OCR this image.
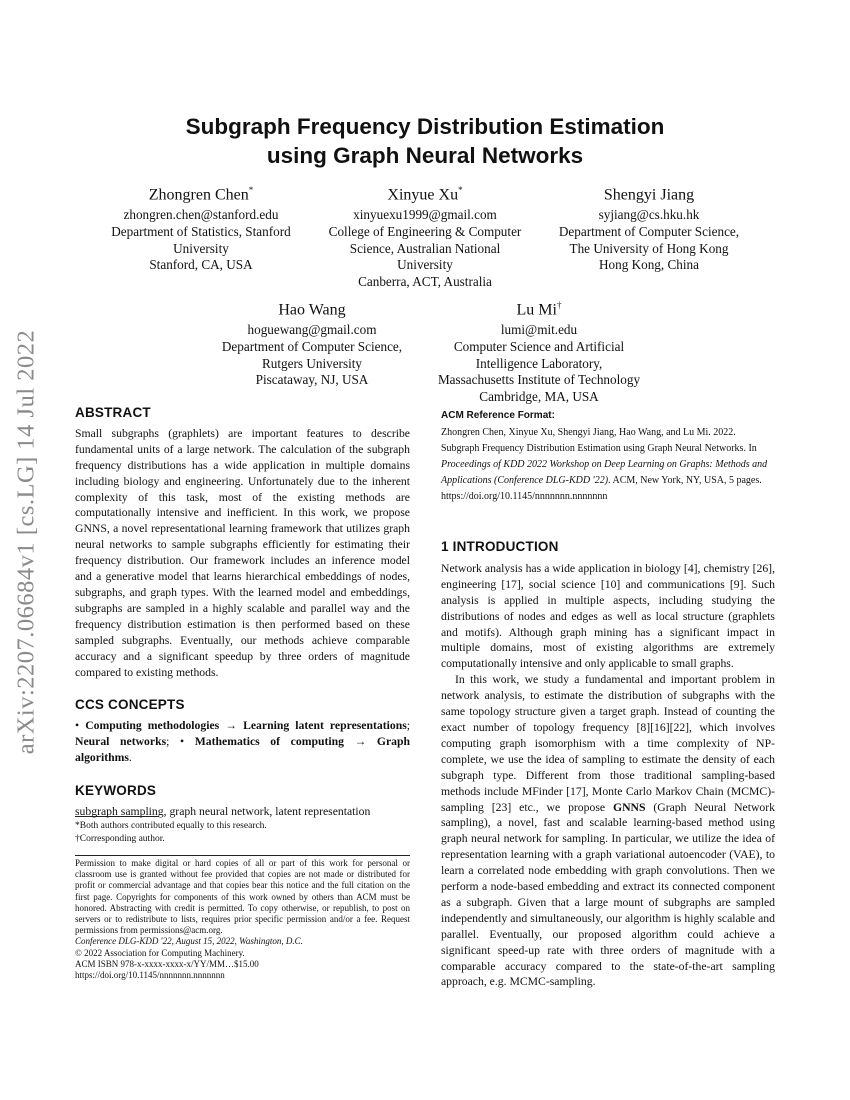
arXiv:2207.06684v1 [cs.LG] 14 Jul 2022
Subgraph Frequency Distribution Estimation
using Graph Neural Networks
Zhongren Chen*
zhongren.chen@stanford.edu
Department of Statistics, Stanford
University
Stanford, CA, USA
Xinyue Xu*
xinyuexu1999@gmail.com
College of Engineering & Computer
Science, Australian National
University
Canberra, ACT, Australia
Shengyi Jiang
syjiang@cs.hku.hk
Department of Computer Science,
The University of Hong Kong
Hong Kong, China
Hao Wang
hoguewang@gmail.com
Department of Computer Science,
Rutgers University
Piscataway, NJ, USA
Lu Mi†
lumi@mit.edu
Computer Science and Artificial
Intelligence Laboratory,
Massachusetts Institute of Technology
Cambridge, MA, USA
ABSTRACT

Small subgraphs (graphlets) are important features to describe fundamental units of a large network. The calculation of the subgraph frequency distributions has a wide application in multiple domains including biology and engineering. Unfortunately due to the inherent complexity of this task, most of the existing methods are computationally intensive and inefficient. In this work, we propose GNNS, a novel representational learning framework that utilizes graph neural networks to sample subgraphs efficiently for estimating their frequency distribution. Our framework includes an inference model and a generative model that learns hierarchical embeddings of nodes, subgraphs, and graph types. With the learned model and embeddings, subgraphs are sampled in a highly scalable and parallel way and the frequency distribution estimation is then performed based on these sampled subgraphs. Eventually, our methods achieve comparable accuracy and a significant speedup by three orders of magnitude compared to existing methods.

CCS CONCEPTS

• Computing methodologies → Learning latent representations; Neural networks; • Mathematics of computing → Graph algorithms.

KEYWORDS

subgraph sampling, graph neural network, latent representation

*Both authors contributed equally to this research.
†Corresponding author.

Permission to make digital or hard copies of all or part of this work for personal or classroom use is granted without fee provided that copies are not made or distributed for profit or commercial advantage and that copies bear this notice and the full citation on the first page. Copyrights for components of this work owned by others than ACM must be honored. Abstracting with credit is permitted. To copy otherwise, or republish, to post on servers or to redistribute to lists, requires prior specific permission and/or a fee. Request permissions from permissions@acm.org.

Conference DLG-KDD '22, August 15, 2022, Washington, D.C.

© 2022 Association for Computing Machinery.

ACM ISBN 978-x-xxxx-xxxx-x/YY/MM…$15.00

https://doi.org/10.1145/nnnnnnn.nnnnnnn

ACM Reference Format:

Zhongren Chen, Xinyue Xu, Shengyi Jiang, Hao Wang, and Lu Mi. 2022. Subgraph Frequency Distribution Estimation using Graph Neural Networks. In Proceedings of KDD 2022 Workshop on Deep Learning on Graphs: Methods and Applications (Conference DLG-KDD '22). ACM, New York, NY, USA, 5 pages. https://doi.org/10.1145/nnnnnnn.nnnnnnn

1 INTRODUCTION

Network analysis has a wide application in biology [4], chemistry [26], engineering [17], social science [10] and communications [9]. Such analysis is applied in multiple aspects, including studying the distributions of nodes and edges as well as local structure (graphlets and motifs). Although graph mining has a significant impact in multiple domains, most of existing algorithms are extremely computationally intensive and only applicable to small graphs.

In this work, we study a fundamental and important problem in network analysis, to estimate the distribution of subgraphs with the same topology structure given a target graph. Instead of counting the exact number of topology frequency [8][16][22], which involves computing graph isomorphism with a time complexity of NP-complete, we use the idea of sampling to estimate the density of each subgraph type. Different from those traditional sampling-based methods include MFinder [17], Monte Carlo Markov Chain (MCMC)-sampling [23] etc., we propose GNNS (Graph Neural Network sampling), a novel, fast and scalable learning-based method using graph neural network for sampling. In particular, we utilize the idea of representation learning with a graph variational autoencoder (VAE), to learn a correlated node embedding with graph convolutions. Then we perform a node-based embedding and extract its connected component as a subgraph. Given that a large mount of subgraphs are sampled independently and simultaneously, our algorithm is highly scalable and parallel. Eventually, our proposed algorithm could achieve a significant speed-up rate with three orders of magnitude with a comparable accuracy compared to the state-of-the-art sampling approach, e.g. MCMC-sampling.
